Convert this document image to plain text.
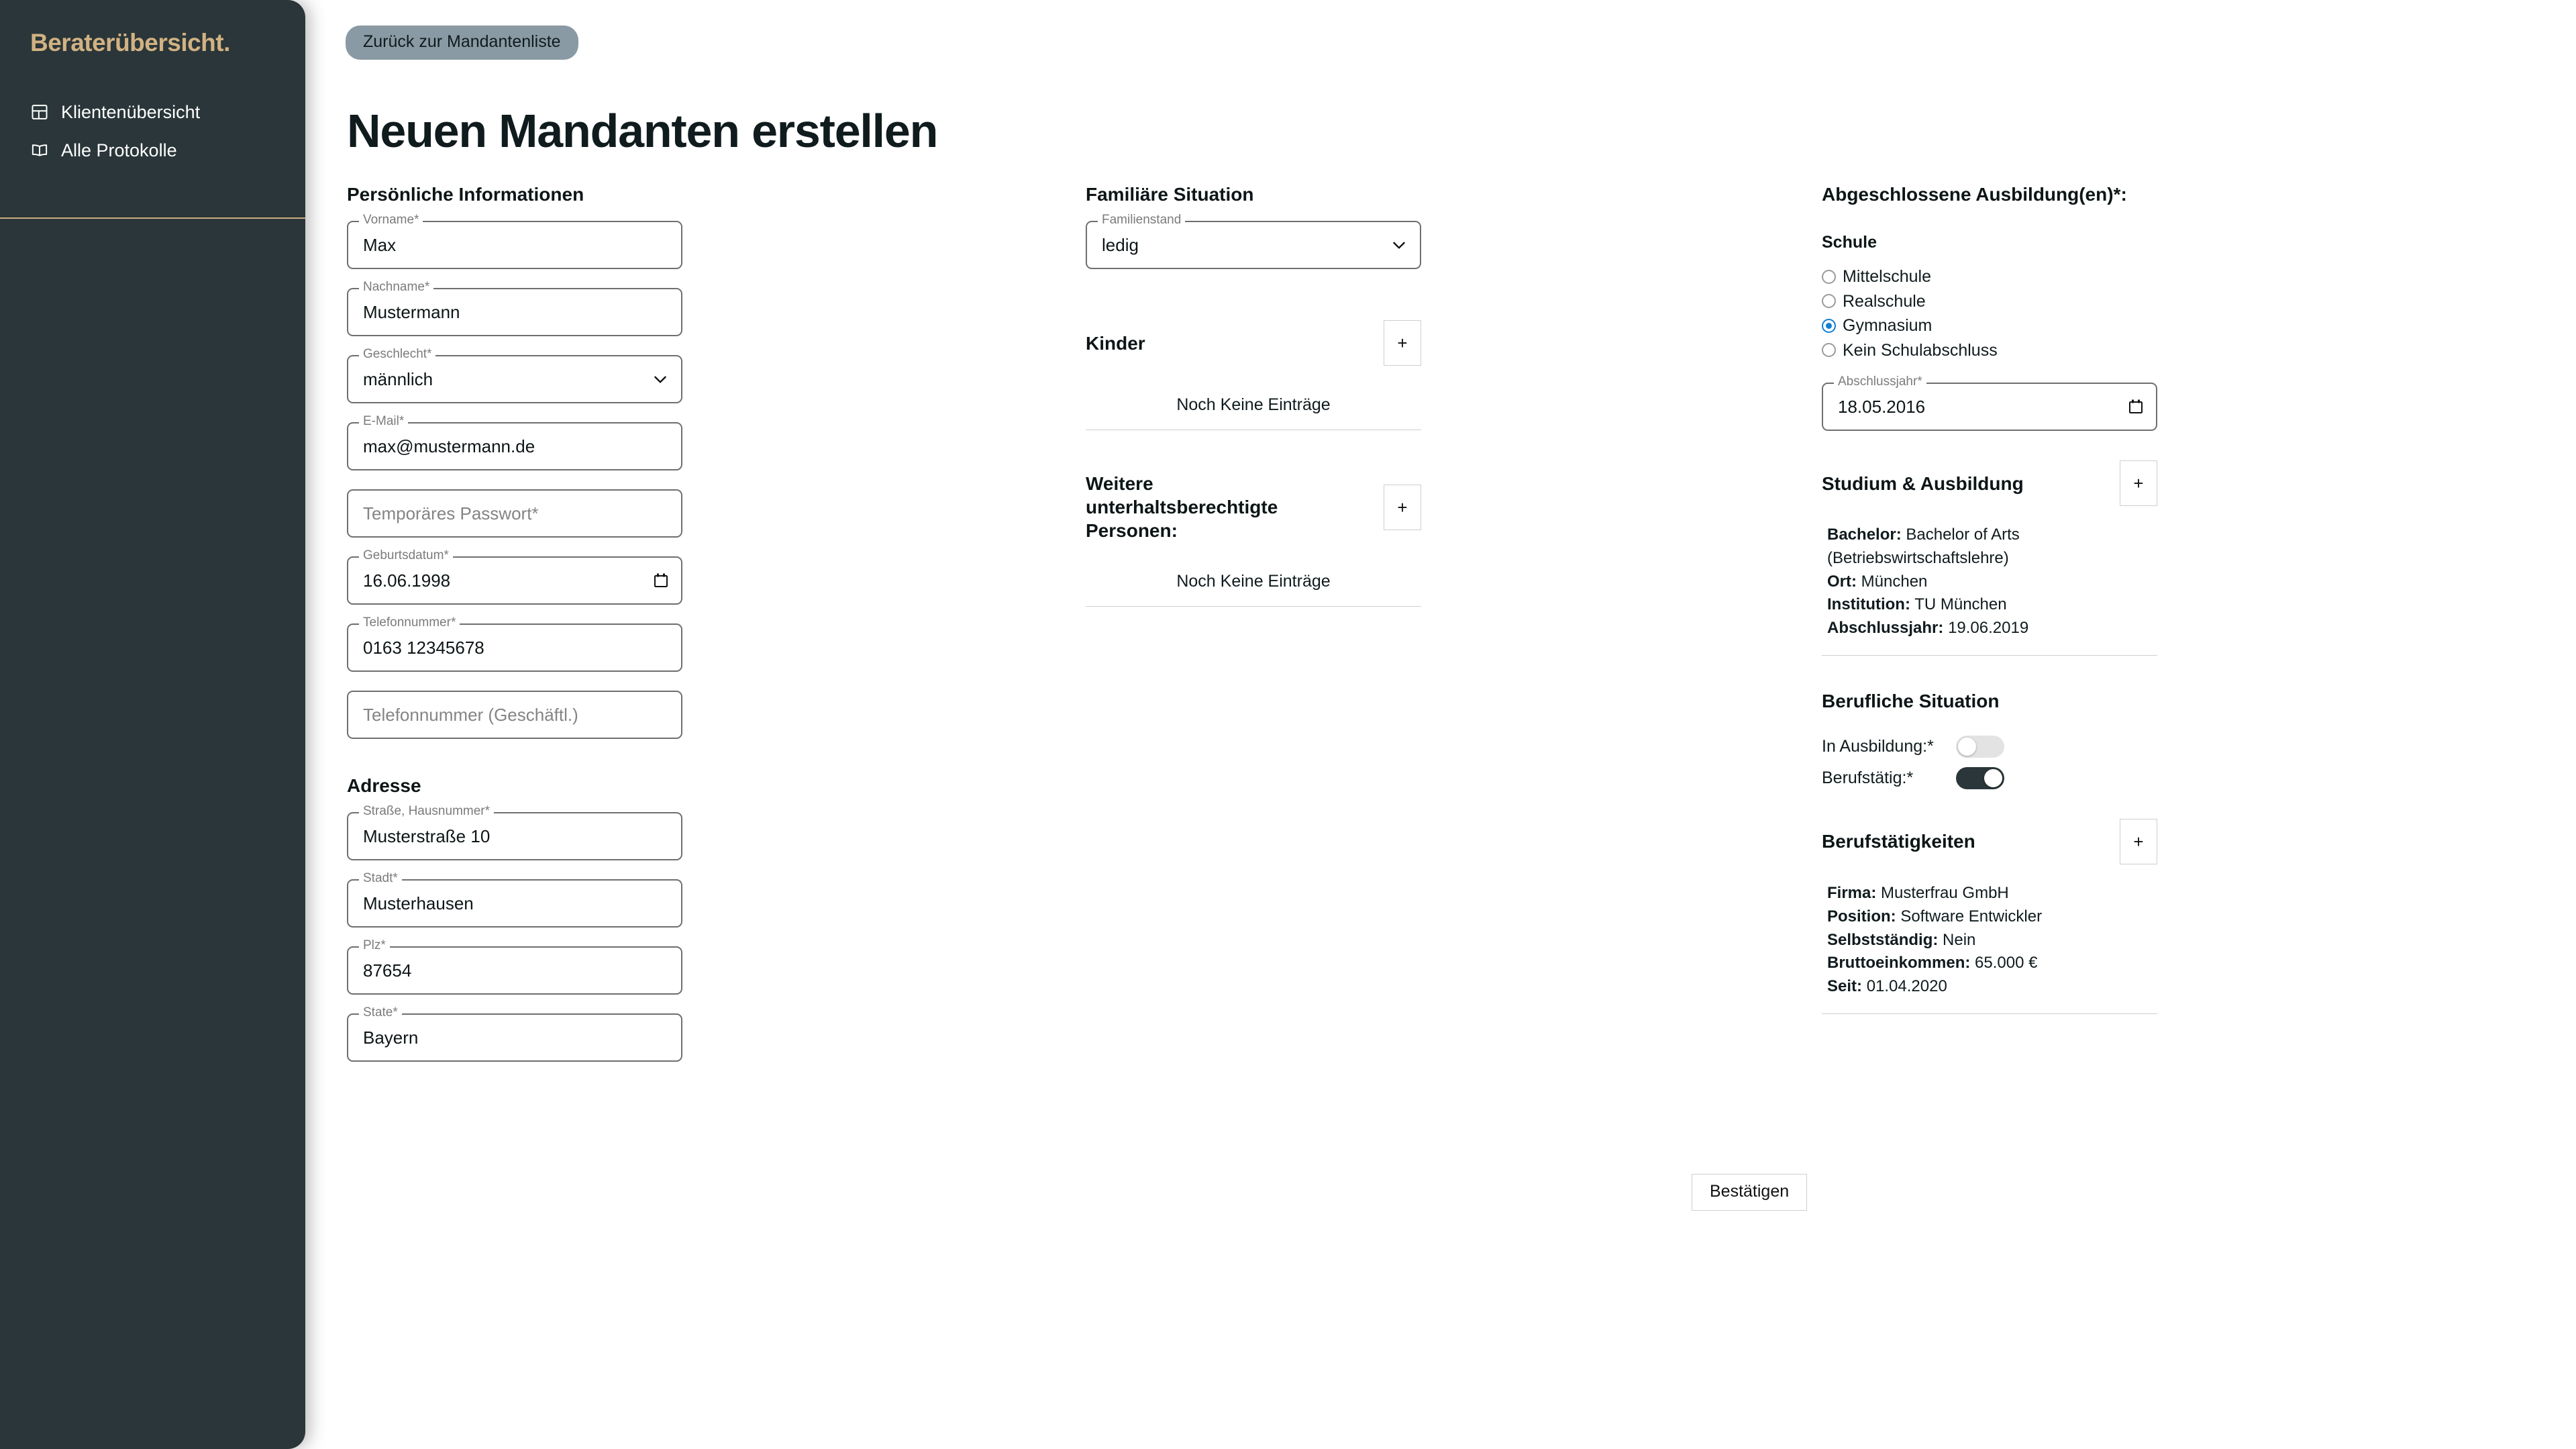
Beraterübersicht.
Klientenübersicht
Alle Protokolle
Zurück zur Mandantenliste
Neuen Mandanten erstellen
Persönliche Informationen
Vorname*
Max
Nachname*
Mustermann
Geschlecht*
männlich
E-Mail*
max@mustermann.de
Temporäres Passwort*
Geburtsdatum*
16.06.1998
Telefonnummer*
0163 12345678
Telefonnummer (Geschäftl.)
Adresse
Straße, Hausnummer*
Musterstraße 10
Stadt*
Musterhausen
Plz*
87654
State*
Bayern
Familiäre Situation
Familienstand
ledig
Kinder	+
Noch Keine Einträge
Weitere unterhaltsberechtigte Personen:
+
Noch Keine Einträge
Abgeschlossene Ausbildung(en)*:
Schule
Mittelschule
Realschule
Gymnasium
Kein Schulabschluss
Abschlussjahr*
18.05.2016
Studium & Ausbildung	+
Bachelor: Bachelor of Arts (Betriebswirtschaftslehre)
Ort: München
Institution: TU München
Abschlussjahr: 19.06.2019
Berufliche Situation
In Ausbildung:*
Berufstätig:*
Berufstätigkeiten	+
Firma: Musterfrau GmbH
Position: Software Entwickler
Selbstständig: Nein
Bruttoeinkommen: 65.000 €
Seit: 01.04.2020
Bestätigen
